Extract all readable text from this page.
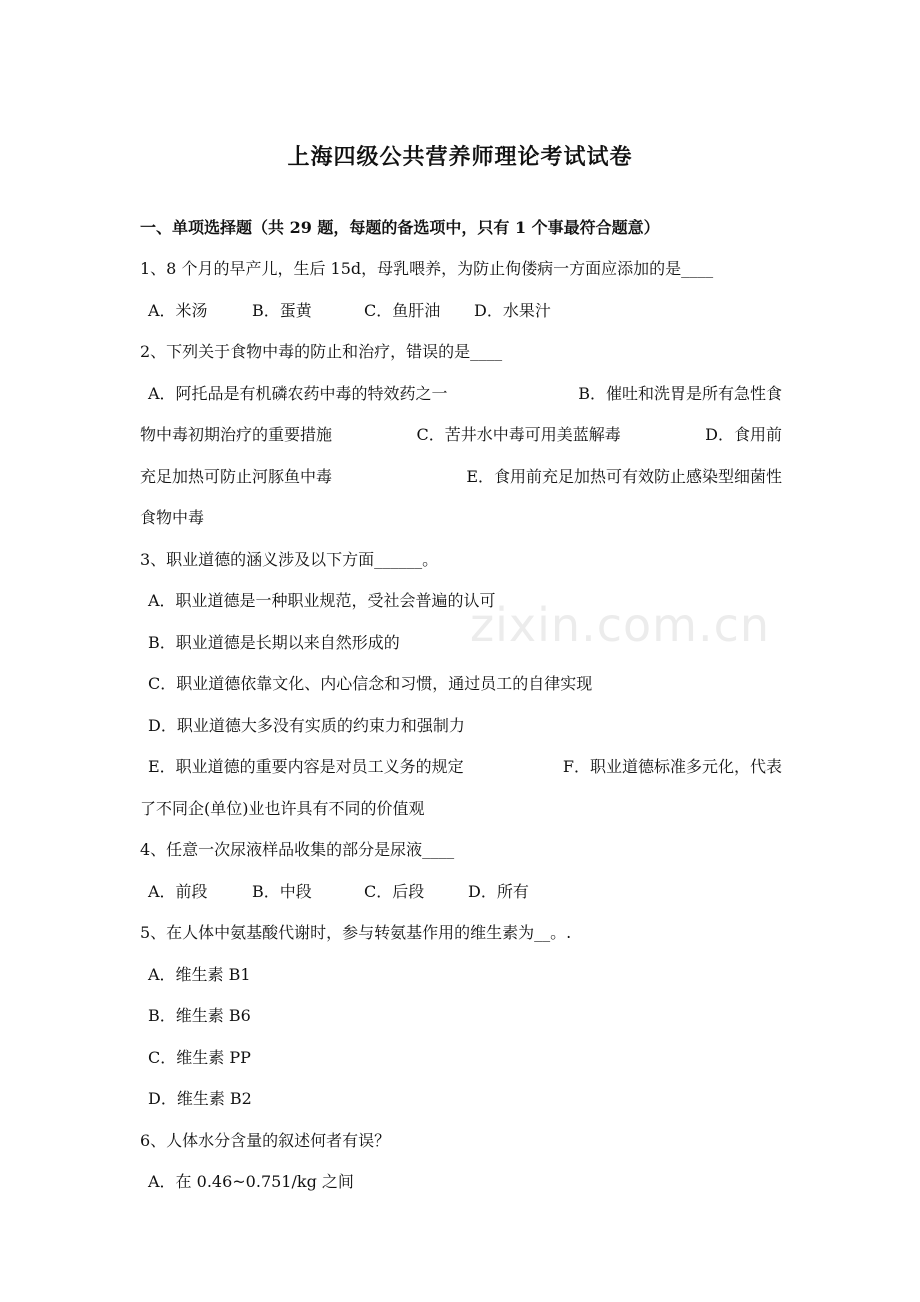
上海四级公共营养师理论考试试卷
一、单项选择题（共 29 题，每题的备选项中，只有 1 个事最符合题意）
zixin.com.cn
1、8 个月的早产儿，生后 15d，母乳喂养，为防止佝偻病一方面应添加的是____
A．米汤	B．蛋黄	C．鱼肝油 D．水果汁
2、下列关于食物中毒的防止和治疗，错误的是____
A．阿托品是有机磷农药中毒的特效药之一	B．催吐和洗胃是所有急性食
物中毒初期治疗的重要措施	C．苦井水中毒可用美蓝解毒	D．食用前
充足加热可防止河豚鱼中毒	E．食用前充足加热可有效防止感染型细菌性
食物中毒
3、职业道德的涵义涉及以下方面______。
A．职业道德是一种职业规范，受社会普遍的认可
B．职业道德是长期以来自然形成的
C．职业道德依靠文化、内心信念和习惯，通过员工的自律实现
D．职业道德大多没有实质的约束力和强制力
E．职业道德的重要内容是对员工义务的规定	F．职业道德标准多元化，代表
了不同企(单位)业也许具有不同的价值观
4、任意一次尿液样品收集的部分是尿液____
A．前段	B．中段	C．后段	D．所有
5、在人体中氨基酸代谢时，参与转氨基作用的维生素为__。.
A．维生素 B1
B．维生素 B6
C．维生素 PP
D．维生素 B2
6、人体水分含量的叙述何者有误？
A．在 0.46~0.751/kg 之间
